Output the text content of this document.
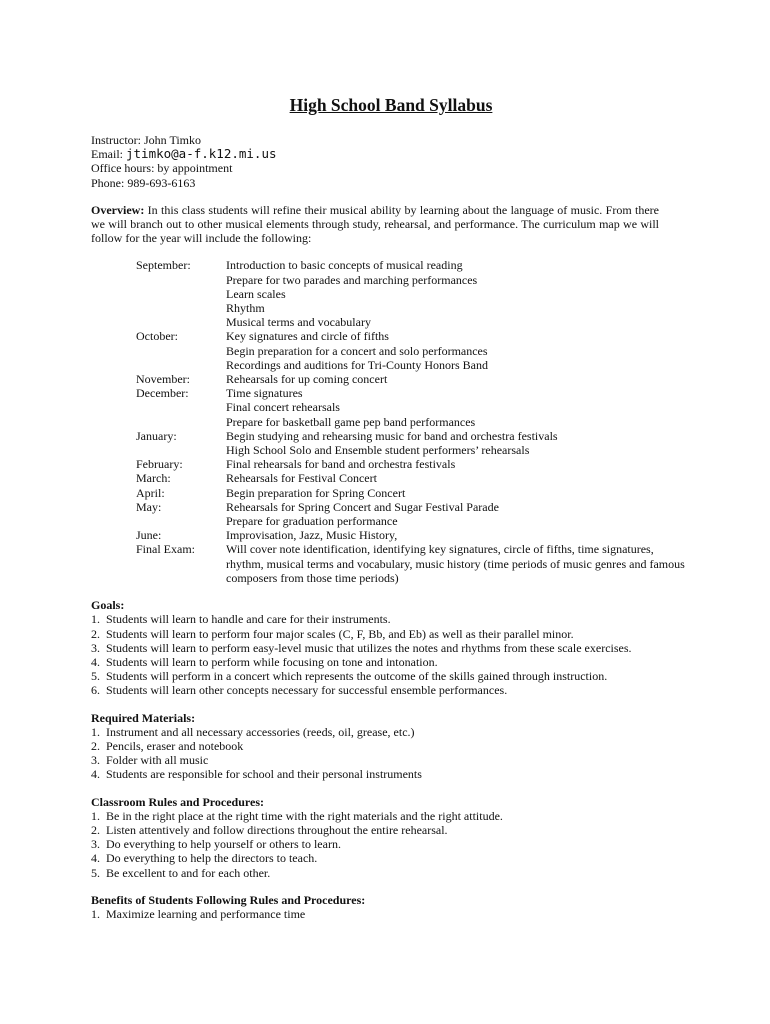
High School Band Syllabus
Instructor: John Timko
Email: jtimko@a-f.k12.mi.us
Office hours: by appointment
Phone: 989-693-6163
Overview: In this class students will refine their musical ability by learning about the language of music. From there we will branch out to other musical elements through study, rehearsal, and performance. The curriculum map we will follow for the year will include the following:
September:	Introduction to basic concepts of musical reading
Prepare for two parades and marching performances
Learn scales
Rhythm
Musical terms and vocabulary
October:	Key signatures and circle of fifths
Begin preparation for a concert and solo performances
Recordings and auditions for Tri-County Honors Band
November:	Rehearsals for up coming concert
December:	Time signatures
Final concert rehearsals
Prepare for basketball game pep band performances
January:	Begin studying and rehearsing music for band and orchestra festivals
High School Solo and Ensemble student performers’ rehearsals
February:	Final rehearsals for band and orchestra festivals
March:	Rehearsals for Festival Concert
April:	Begin preparation for Spring Concert
May:	Rehearsals for Spring Concert and Sugar Festival Parade
Prepare for graduation performance
June:	Improvisation, Jazz, Music History,
Final Exam:	Will cover note identification, identifying key signatures, circle of fifths, time signatures, rhythm, musical terms and vocabulary, music history (time periods of music genres and famous composers from those time periods)
Goals:
1. Students will learn to handle and care for their instruments.
2. Students will learn to perform four major scales (C, F, Bb, and Eb) as well as their parallel minor.
3. Students will learn to perform easy-level music that utilizes the notes and rhythms from these scale exercises.
4. Students will learn to perform while focusing on tone and intonation.
5. Students will perform in a concert which represents the outcome of the skills gained through instruction.
6. Students will learn other concepts necessary for successful ensemble performances.
Required Materials:
1. Instrument and all necessary accessories (reeds, oil, grease, etc.)
2. Pencils, eraser and notebook
3. Folder with all music
4. Students are responsible for school and their personal instruments
Classroom Rules and Procedures:
1. Be in the right place at the right time with the right materials and the right attitude.
2. Listen attentively and follow directions throughout the entire rehearsal.
3. Do everything to help yourself or others to learn.
4. Do everything to help the directors to teach.
5. Be excellent to and for each other.
Benefits of Students Following Rules and Procedures:
1. Maximize learning and performance time
